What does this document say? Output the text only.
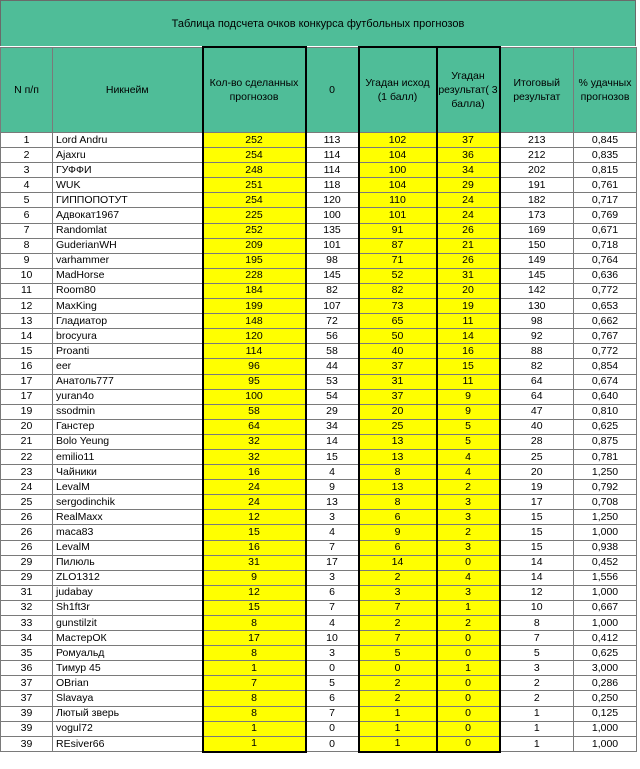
Таблица подсчета очков конкурса футбольных прогнозов
N п/п	Никнейм	Кол-во сделанных прогнозов	0	Угадан исход (1 балл)	Угадан результат( 3 балла)	Итоговый результат	% удачных прогнозов
1	Lord Andru	252	113	102	37	213	0,845
2	Ajaxru	254	114	104	36	212	0,835
3	ГУФФИ	248	114	100	34	202	0,815
4	WUK	251	118	104	29	191	0,761
5	ГИППОПОТУТ	254	120	110	24	182	0,717
6	Адвокат1967	225	100	101	24	173	0,769
7	Randomlat	252	135	91	26	169	0,671
8	GuderianWH	209	101	87	21	150	0,718
9	varhammer	195	98	71	26	149	0,764
10	MadHorse	228	145	52	31	145	0,636
11	Room80	184	82	82	20	142	0,772
12	MaxKing	199	107	73	19	130	0,653
13	Гладиатор	148	72	65	11	98	0,662
14	brocyura	120	56	50	14	92	0,767
15	Proanti	114	58	40	16	88	0,772
16	eer	96	44	37	15	82	0,854
17	Анатоль777	95	53	31	11	64	0,674
17	yuran4o	100	54	37	9	64	0,640
19	ssodmin	58	29	20	9	47	0,810
20	Ганстер	64	34	25	5	40	0,625
21	Bolo Yeung	32	14	13	5	28	0,875
22	emilio11	32	15	13	4	25	0,781
23	Чайники	16	4	8	4	20	1,250
24	LevalM	24	9	13	2	19	0,792
25	sergodinchik	24	13	8	3	17	0,708
26	RealMaxx	12	3	6	3	15	1,250
26	maca83	15	4	9	2	15	1,000
26	LevalM	16	7	6	3	15	0,938
29	Пилюль	31	17	14	0	14	0,452
29	ZLO1312	9	3	2	4	14	1,556
31	judabay	12	6	3	3	12	1,000
32	Sh1ft3r	15	7	7	1	10	0,667
33	gunstilzit	8	4	2	2	8	1,000
34	МастерОК	17	10	7	0	7	0,412
35	Ромуальд	8	3	5	0	5	0,625
36	Тимур 45	1	0	0	1	3	3,000
37	OBrian	7	5	2	0	2	0,286
37	Slavaya	8	6	2	0	2	0,250
39	Лютый зверь	8	7	1	0	1	0,125
39	vogul72	1	0	1	0	1	1,000
39	REsiver66	1	0	1	0	1	1,000
